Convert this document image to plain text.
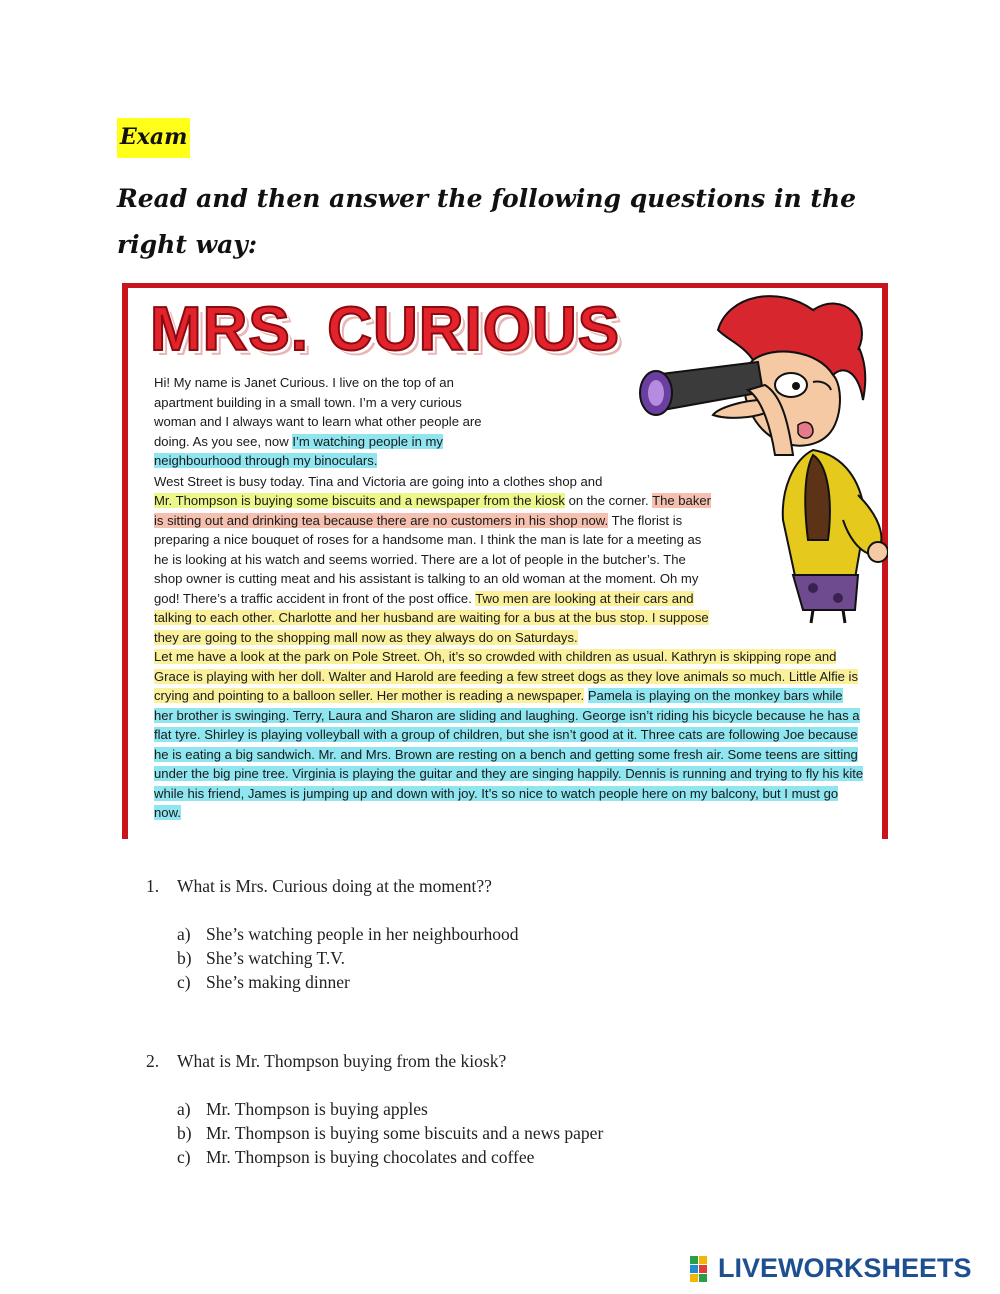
Exam
Read and then answer the following questions in the right way:
MRS. CURIOUS

Hi! My name is Janet Curious. I live on the top of an apartment building in a small town. I’m a very curious woman and I always want to learn what other people are doing. As you see, now I’m watching people in my neighbourhood through my binoculars.

West Street is busy today. Tina and Victoria are going into a clothes shop and
Mr. Thompson is buying some biscuits and a newspaper from the kiosk on the corner. The baker is sitting out and drinking tea because there are no customers in his shop now. The florist is preparing a nice bouquet of roses for a handsome man. I think the man is late for a meeting as he is looking at his watch and seems worried. There are a lot of people in the butcher’s. The shop owner is cutting meat and his assistant is talking to an old woman at the moment. Oh my god! There’s a traffic accident in front of the post office. Two men are looking at their cars and talking to each other. Charlotte and her husband are waiting for a bus at the bus stop. I suppose they are going to the shopping mall now as they always do on Saturdays.

Let me have a look at the park on Pole Street. Oh, it’s so crowded with children as usual. Kathryn is skipping rope and Grace is playing with her doll. Walter and Harold are feeding a few street dogs as they love animals so much. Little Alfie is crying and pointing to a balloon seller. Her mother is reading a newspaper. Pamela is playing on the monkey bars while her brother is swinging. Terry, Laura and Sharon are sliding and laughing. George isn’t riding his bicycle because he has a flat tyre. Shirley is playing volleyball with a group of children, but she isn’t good at it. Three cats are following Joe because he is eating a big sandwich. Mr. and Mrs. Brown are resting on a bench and getting some fresh air. Some teens are sitting under the big pine tree. Virginia is playing the guitar and they are singing happily. Dennis is running and trying to fly his kite while his friend, James is jumping up and down with joy. It’s so nice to watch people here on my balcony, but I must go now.

1.	What is Mrs. Curious doing at the moment??
a) She’s watching people in her neighbourhood
b) She’s watching T.V.
c) She’s making dinner
2.	What is Mr. Thompson buying from the kiosk?
a) Mr. Thompson is buying apples
b) Mr. Thompson is buying some biscuits and a news paper
c) Mr. Thompson is buying chocolates and coffee
LIVEWORKSHEETS
